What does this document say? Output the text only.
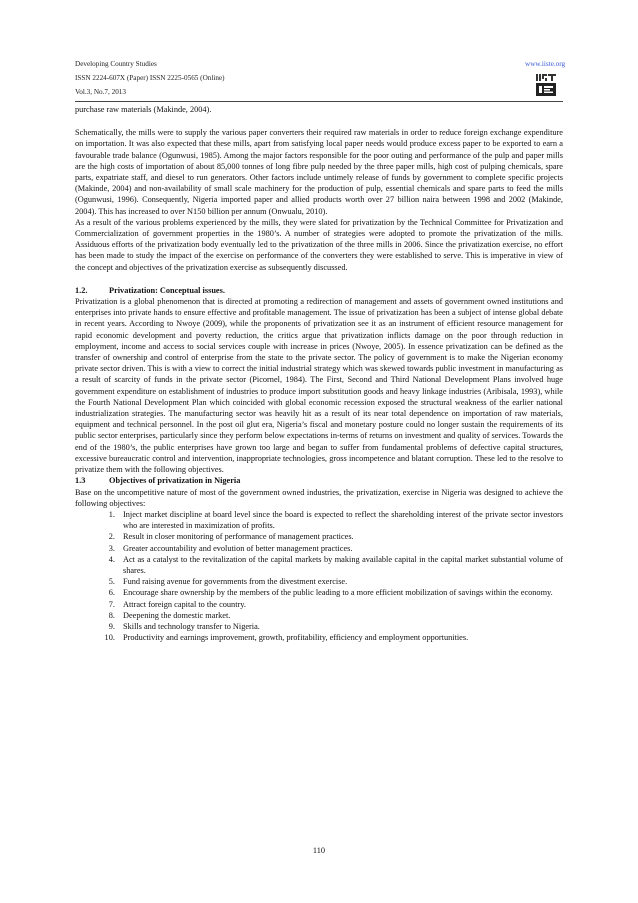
Developing Country Studies
ISSN 2224-607X (Paper) ISSN 2225-0565 (Online)
Vol.3, No.7, 2013
www.iiste.org

purchase raw materials (Makinde, 2004).

Schematically, the mills were to supply the various paper converters their required raw materials in order to reduce foreign exchange expenditure on importation. It was also expected that these mills, apart from satisfying local paper needs would produce excess paper to be exported to earn a favourable trade balance (Ogunwusi, 1985). Among the major factors responsible for the poor outing and performance of the pulp and paper mills are the high costs of importation of about 85,000 tonnes of long fibre pulp needed by the three paper mills, high cost of pulping chemicals, spare parts, expatriate staff, and diesel to run generators. Other factors include untimely release of funds by government to complete specific projects (Makinde, 2004) and non-availability of small scale machinery for the production of pulp, essential chemicals and spare parts to feed the mills (Ogunwusi, 1996). Consequently, Nigeria imported paper and allied products worth over 27 billion naira between 1998 and 2002 (Makinde, 2004). This has increased to over N150 billion per annum (Onwualu, 2010).

As a result of the various problems experienced by the mills, they were slated for privatization by the Technical Committee for Privatization and Commercialization of government properties in the 1980’s. A number of strategies were adopted to promote the privatization of the mills. Assiduous efforts of the privatization body eventually led to the privatization of the three mills in 2006. Since the privatization exercise, no effort has been made to study the impact of the exercise on performance of the converters they were established to serve. This is imperative in view of the concept and objectives of the privatization exercise as subsequently discussed.

1.2.	Privatization: Conceptual issues.

Privatization is a global phenomenon that is directed at promoting a redirection of management and assets of government owned institutions and enterprises into private hands to ensure effective and profitable management. The issue of privatization has been a subject of intense global debate in recent years. According to Nwoye (2009), while the proponents of privatization see it as an instrument of efficient resource management for rapid economic development and poverty reduction, the critics argue that privatization inflicts damage on the poor through reduction in employment, income and access to social services couple with increase in prices (Nwoye, 2005). In essence privatization can be defined as the transfer of ownership and control of enterprise from the state to the private sector. The policy of government is to make the Nigerian economy private sector driven. This is with a view to correct the initial industrial strategy which was skewed towards public investment in manufacturing as a result of scarcity of funds in the private sector (Picornel, 1984). The First, Second and Third National Development Plans involved huge government expenditure on establishment of industries to produce import substitution goods and heavy linkage industries (Aribisala, 1993), while the Fourth National Development Plan which coincided with global economic recession exposed the structural weakness of the earlier national industrialization strategies. The manufacturing sector was heavily hit as a result of its near total dependence on importation of raw materials, equipment and technical personnel. In the post oil glut era, Nigeria’s fiscal and monetary posture could no longer sustain the requirements of its public sector enterprises, particularly since they perform below expectations in-terms of returns on investment and quality of services. Towards the end of the 1980’s, the public enterprises have grown too large and began to suffer from fundamental problems of defective capital structures, excessive bureaucratic control and intervention, inappropriate technologies, gross incompetence and blatant corruption. These led to the resolve to privatize them with the following objectives.

1.3	Objectives of privatization in Nigeria

Base on the uncompetitive nature of most of the government owned industries, the privatization, exercise in Nigeria was designed to achieve the following objectives:

1. Inject market discipline at board level since the board is expected to reflect the shareholding interest of the private sector investors who are interested in maximization of profits.
2. Result in closer monitoring of performance of management practices.
3. Greater accountability and evolution of better management practices.
4. Act as a catalyst to the revitalization of the capital markets by making available capital in the capital market substantial volume of shares.
5. Fund raising avenue for governments from the divestment exercise.
6. Encourage share ownership by the members of the public leading to a more efficient mobilization of savings within the economy.
7. Attract foreign capital to the country.
8. Deepening the domestic market.
9. Skills and technology transfer to Nigeria.
10. Productivity and earnings improvement, growth, profitability, efficiency and employment opportunities.
110
